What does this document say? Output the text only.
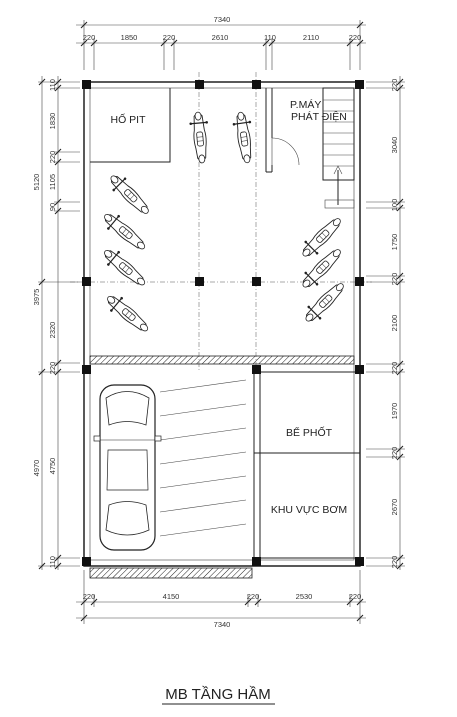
7340
220	1850	220	2610	110	2110	220
5120
3975
4970
110
1830
220
1105
90
2320
220
4750
110
220
3040
100
1750
220
2100
220
1970
220
2670
220
HỐ PIT
P.MÁY
PHÁT ĐIỆN
BỂ PHỐT
KHU VỰC BƠM
220	4150	220	2530	220
7340
MB TẦNG HẦM
